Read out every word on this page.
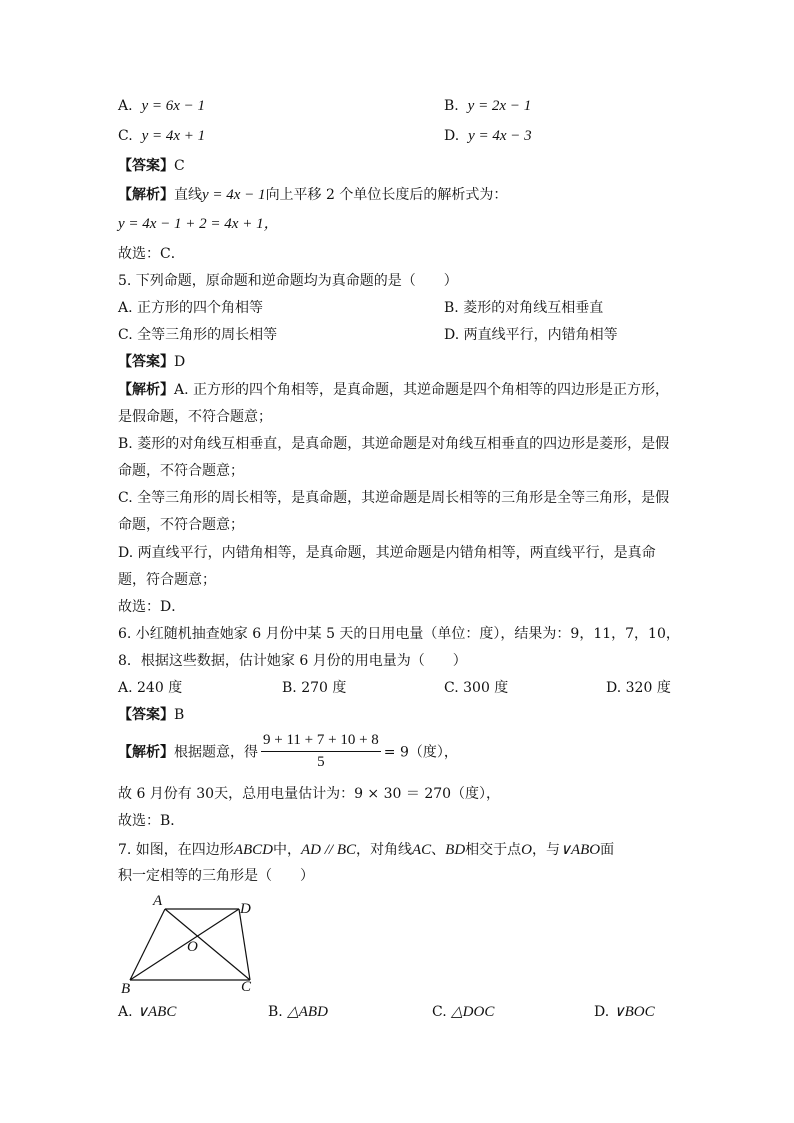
A. y = 6x − 1	B. y = 2x − 1
C. y = 4x + 1	D. y = 4x − 3
【答案】C
【解析】直线y = 4x − 1向上平移 2 个单位长度后的解析式为：
y = 4x − 1 + 2 = 4x + 1，
故选：C．
5. 下列命题，原命题和逆命题均为真命题的是（　　）
A. 正方形的四个角相等	B. 菱形的对角线互相垂直
C. 全等三角形的周长相等	D. 两直线平行，内错角相等
【答案】D
【解析】A. 正方形的四个角相等，是真命题，其逆命题是四个角相等的四边形是正方形，
是假命题，不符合题意；
B. 菱形的对角线互相垂直，是真命题，其逆命题是对角线互相垂直的四边形是菱形，是假
命题，不符合题意；
C. 全等三角形的周长相等，是真命题，其逆命题是周长相等的三角形是全等三角形，是假
命题，不符合题意；
D. 两直线平行，内错角相等，是真命题，其逆命题是内错角相等，两直线平行，是真命
题，符合题意；
故选：D．
6. 小红随机抽查她家 6 月份中某 5 天的日用电量（单位：度），结果为：9，11，7，10，
8．根据这些数据，估计她家 6 月份的用电量为（　　）
A. 240 度	B. 270 度	C. 300 度	D. 320 度
【答案】B
【解析】根据题意，得 $\frac{9 + 11 + 7 + 10 + 8}{5} = 9$（度），
故 6 月份有 30天，总用电量估计为：9 × 30 ＝ 270（度），
故选：B．
7. 如图，在四边形ABCD中，AD // BC，对角线AC、BD相交于点O，与∨ABO面
积一定相等的三角形是（　　）
A	D
O
B	C
A. ∨ABC	B. △ABD	C. △DOC	D. ∨BOC
